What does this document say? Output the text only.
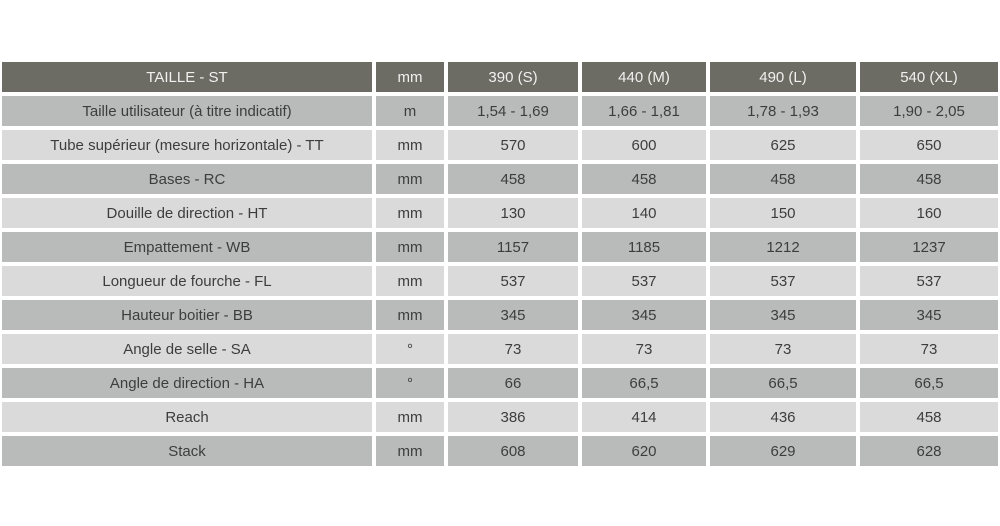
TAILLE - ST	mm	390 (S)	440 (M)	490 (L)	540 (XL)
Taille utilisateur (à titre indicatif)	m	1,54 - 1,69	1,66 - 1,81	1,78 - 1,93	1,90 - 2,05
Tube supérieur (mesure horizontale) - TT	mm	570	600	625	650
Bases - RC	mm	458	458	458	458
Douille de direction - HT	mm	130	140	150	160
Empattement - WB	mm	1157	1185	1212	1237
Longueur de fourche - FL	mm	537	537	537	537
Hauteur boitier - BB	mm	345	345	345	345
Angle de selle - SA	°	73	73	73	73
Angle de direction - HA	°	66	66,5	66,5	66,5
Reach	mm	386	414	436	458
Stack	mm	608	620	629	628
